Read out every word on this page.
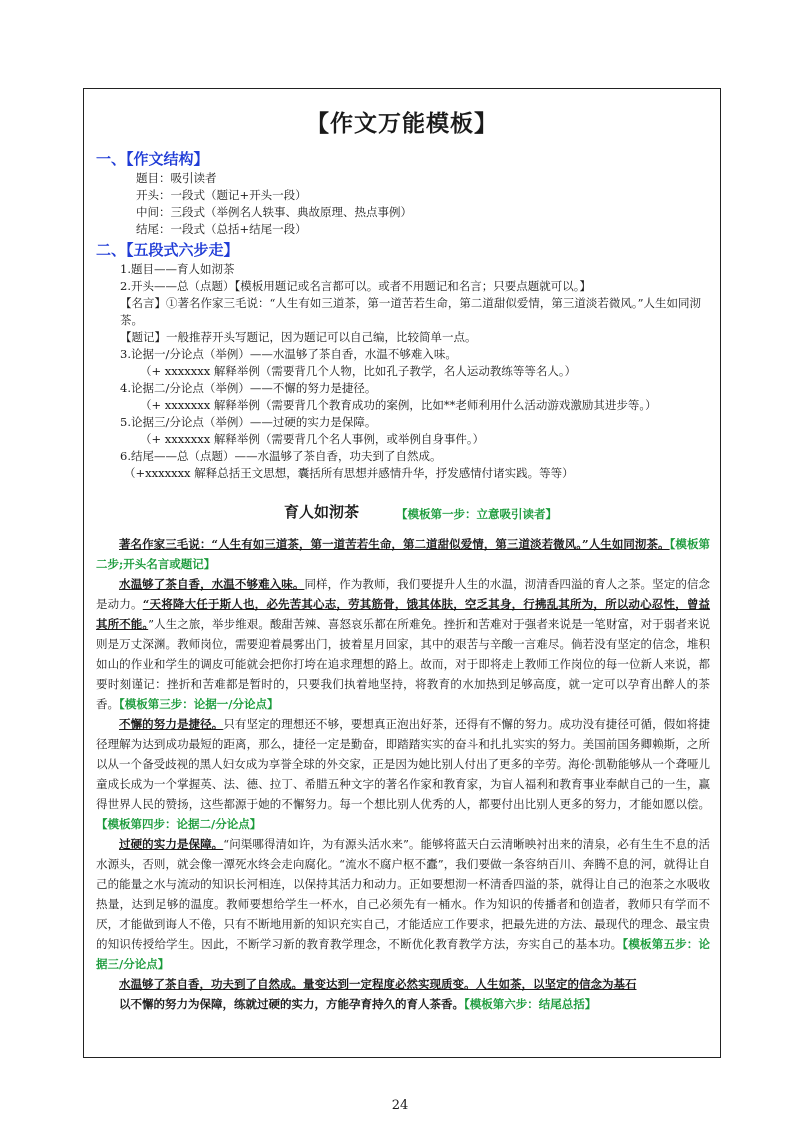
【作文万能模板】
一、【作文结构】
题目：吸引读者
开头：一段式（题记+开头一段）
中间：三段式（举例名人轶事、典故原理、热点事例）
结尾：一段式（总括+结尾一段）
二、【五段式六步走】
1.题目——育人如沏茶
2.开头——总（点题）【模板用题记或名言都可以。或者不用题记和名言；只要点题就可以。】
【名言】①著名作家三毛说：“人生有如三道茶，第一道苦若生命，第二道甜似爱情，第三道淡若微风。”人生如同沏茶。
【题记】一般推荐开头写题记，因为题记可以自己编，比较简单一点。
3.论据一/分论点（举例）——水温够了茶自香，水温不够难入味。
（+ xxxxxxx 解释举例（需要背几个人物，比如孔子教学，名人运动教练等等名人。）
4.论据二/分论点（举例）——不懈的努力是捷径。
（+ xxxxxxx 解释举例（需要背几个教育成功的案例，比如**老师利用什么活动游戏激励其进步等。）
5.论据三/分论点（举例）——过硬的实力是保障。
（+ xxxxxxx 解释举例（需要背几个名人事例，或举例自身事件。）
6.结尾——总（点题）——水温够了茶自香，功夫到了自然成。
（+xxxxxxx 解释总括王文思想，囊括所有思想并感情升华，抒发感情付诸实践。等等）
育人如沏茶	【模板第一步：立意吸引读者】

著名作家三毛说：“人生有如三道茶，第一道苦若生命，第二道甜似爱情，第三道淡若微风。”人生如同沏茶。【模板第二步;开头名言或题记】

水温够了茶自香，水温不够难入味。同样，作为教师，我们要提升人生的水温，沏清香四溢的育人之茶。坚定的信念是动力。“天将降大任于斯人也，必先苦其心志，劳其筋骨，饿其体肤，空乏其身，行拂乱其所为，所以动心忍性，曾益其所不能。”人生之旅，举步维艰。酸甜苦辣、喜怒哀乐都在所难免。挫折和苦难对于强者来说是一笔财富，对于弱者来说则是万丈深渊。教师岗位，需要迎着晨雾出门，披着星月回家，其中的艰苦与辛酸一言难尽。倘若没有坚定的信念，堆积如山的作业和学生的调皮可能就会把你打垮在追求理想的路上。故而，对于即将走上教师工作岗位的每一位新人来说，都要时刻谨记：挫折和苦难都是暂时的，只要我们执着地坚持，将教育的水加热到足够高度，就一定可以孕育出醉人的茶香。【模板第三步：论据一/分论点】

不懈的努力是捷径。只有坚定的理想还不够，要想真正泡出好茶，还得有不懈的努力。成功没有捷径可循，假如将捷径理解为达到成功最短的距离，那么，捷径一定是勤奋，即踏踏实实的奋斗和扎扎实实的努力。美国前国务卿赖斯，之所以从一个备受歧视的黑人妇女成为享誉全球的外交家，正是因为她比别人付出了更多的辛劳。海伦·凯勒能够从一个聋哑儿童成长成为一个掌握英、法、德、拉丁、希腊五种文字的著名作家和教育家，为盲人福利和教育事业奉献自己的一生，赢得世界人民的赞扬，这些都源于她的不懈努力。每一个想比别人优秀的人，都要付出比别人更多的努力，才能如愿以偿。【模板第四步：论据二/分论点】

过硬的实力是保障。“问渠哪得清如许，为有源头活水来”。能够将蓝天白云清晰映衬出来的清泉，必有生生不息的活水源头，否则，就会像一潭死水终会走向腐化。“流水不腐户枢不蠹”，我们要做一条容纳百川、奔腾不息的河，就得让自己的能量之水与流动的知识长河相连，以保持其活力和动力。正如要想沏一杯清香四溢的茶，就得让自己的泡茶之水吸收热量，达到足够的温度。教师要想给学生一杯水，自己必须先有一桶水。作为知识的传播者和创造者，教师只有学而不厌，才能做到诲人不倦，只有不断地用新的知识充实自己，才能适应工作要求，把最先进的方法、最现代的理念、最宝贵的知识传授给学生。因此，不断学习新的教育教学理念，不断优化教育教学方法，夯实自己的基本功。【模板第五步：论据三/分论点】

水温够了茶自香，功夫到了自然成。量变达到一定程度必然实现质变。人生如茶，以坚定的信念为基石

以不懈的努力为保障，练就过硬的实力，方能孕育持久的育人茶香。【模板第六步：结尾总括】

24
